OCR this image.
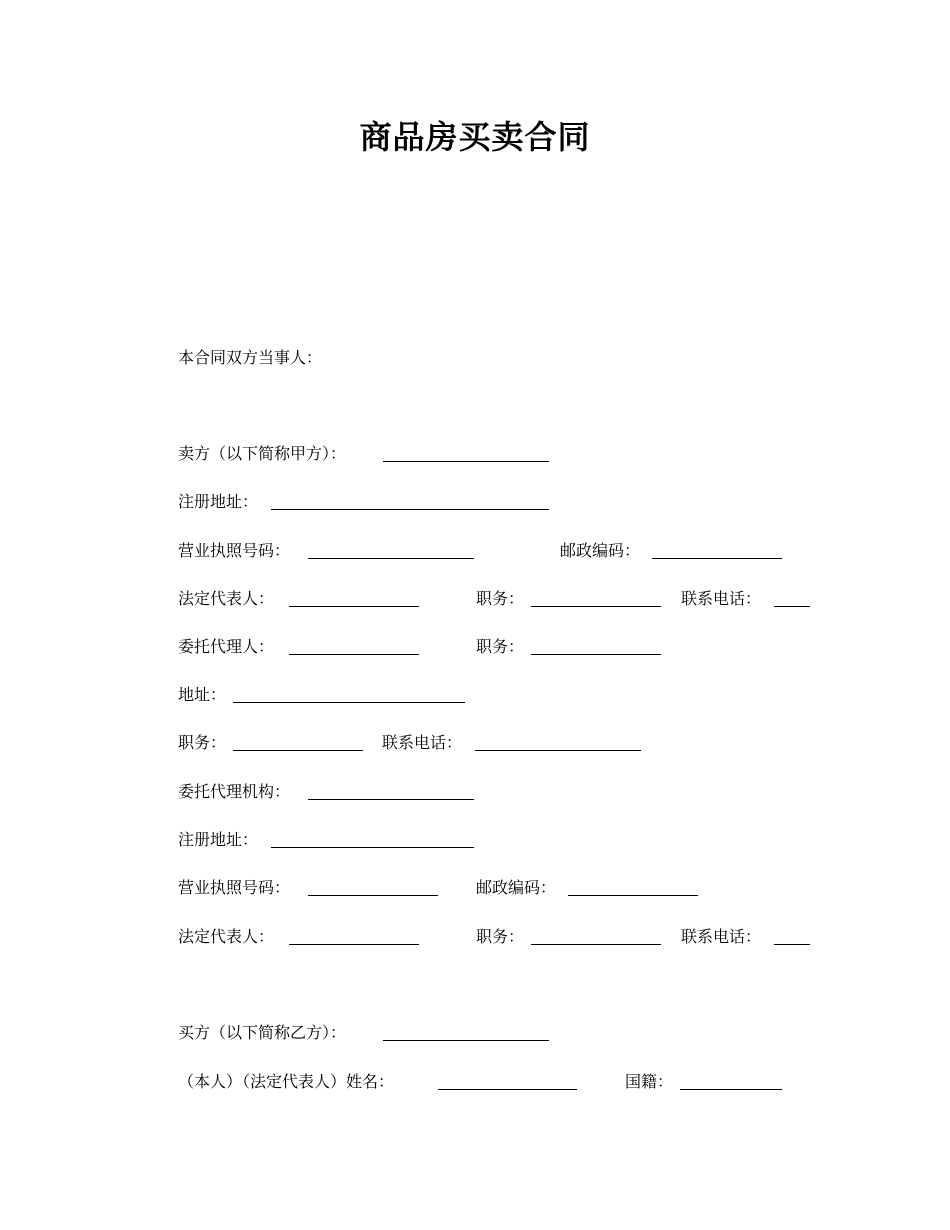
商品房买卖合同
本合同双方当事人：
卖方（以下简称甲方）：
注册地址：
营业执照号码：	邮政编码：
法定代表人：	职务：	联系电话：
委托代理人：	职务：
地址：
职务：	联系电话：
委托代理机构：
注册地址：
营业执照号码：	邮政编码：
法定代表人：	职务：	联系电话：
买方（以下简称乙方）：
（本人）（法定代表人）姓名：	国籍：
